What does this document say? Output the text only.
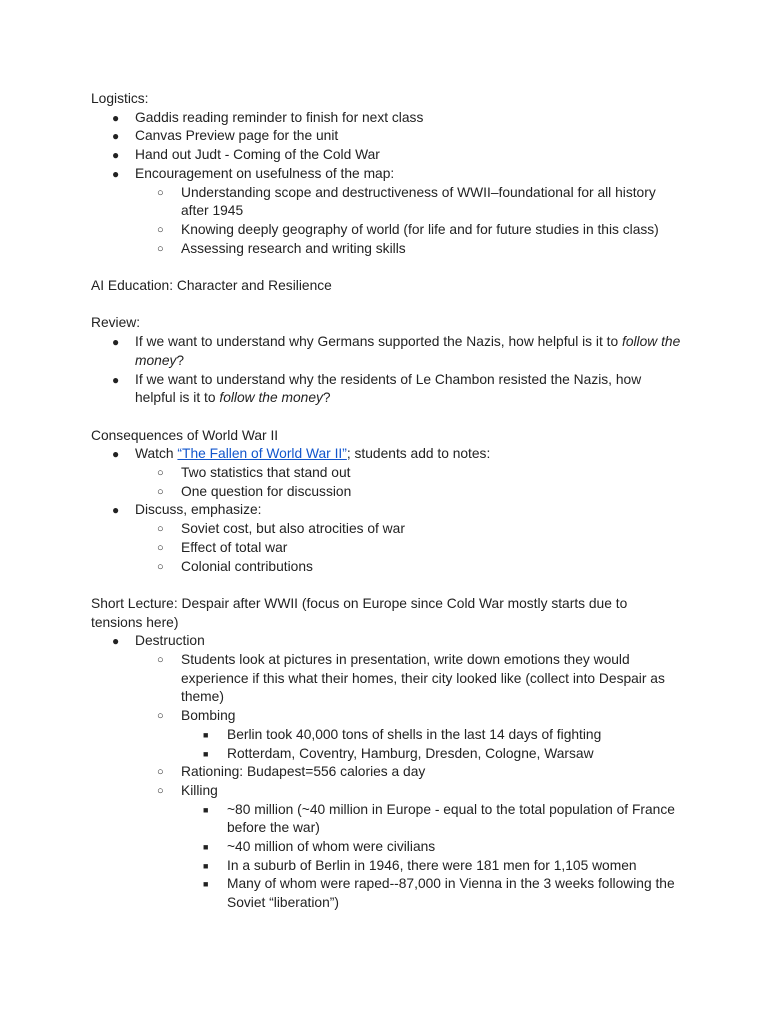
Logistics:

● Gaddis reading reminder to finish for next class
● Canvas Preview page for the unit
● Hand out Judt - Coming of the Cold War
● Encouragement on usefulness of the map:
○ Understanding scope and destructiveness of WWII–foundational for all history after 1945
○ Knowing deeply geography of world (for life and for future studies in this class)
○ Assessing research and writing skills

AI Education: Character and Resilience

Review:

● If we want to understand why Germans supported the Nazis, how helpful is it to follow the money?
● If we want to understand why the residents of Le Chambon resisted the Nazis, how helpful is it to follow the money?

Consequences of World War II

● Watch “The Fallen of World War II”; students add to notes:
○ Two statistics that stand out
○ One question for discussion
● Discuss, emphasize:
○ Soviet cost, but also atrocities of war
○ Effect of total war
○ Colonial contributions

Short Lecture: Despair after WWII (focus on Europe since Cold War mostly starts due to tensions here)

● Destruction
○ Students look at pictures in presentation, write down emotions they would experience if this what their homes, their city looked like (collect into Despair as theme)
○ Bombing
■ Berlin took 40,000 tons of shells in the last 14 days of fighting
■ Rotterdam, Coventry, Hamburg, Dresden, Cologne, Warsaw
○ Rationing: Budapest=556 calories a day
○ Killing
■ ~80 million (~40 million in Europe - equal to the total population of France before the war)
■ ~40 million of whom were civilians
■ In a suburb of Berlin in 1946, there were 181 men for 1,105 women
■ Many of whom were raped--87,000 in Vienna in the 3 weeks following the Soviet “liberation”)
